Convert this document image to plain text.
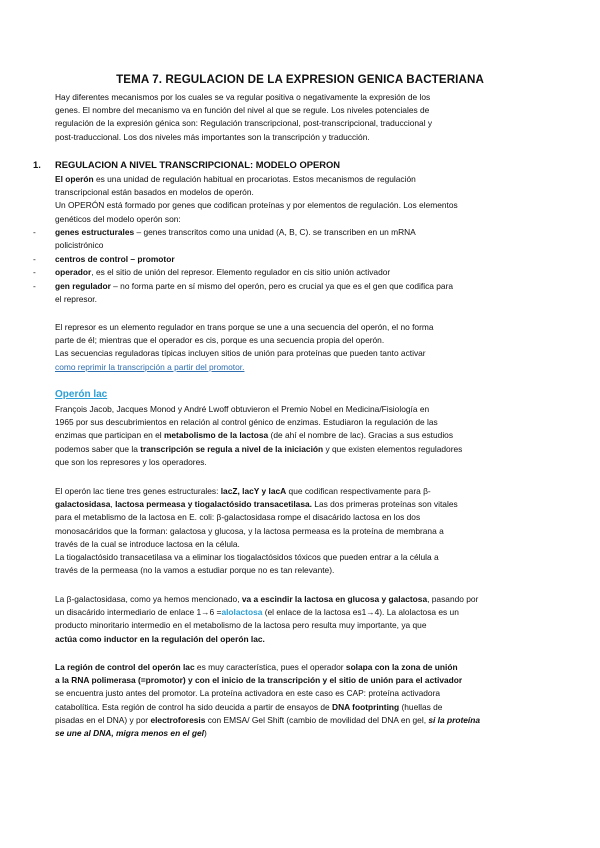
TEMA 7. REGULACION DE LA EXPRESION GENICA BACTERIANA

Hay diferentes mecanismos por los cuales se va regular positiva o negativamente la expresión de los

genes. El nombre del mecanismo va en función del nivel al que se regule. Los niveles potenciales de

regulación de la expresión génica son: Regulación transcripcional, post-transcripcional, traduccional y

post-traduccional. Los dos niveles más importantes son la transcripción y traducción.

1. REGULACION A NIVEL TRANSCRIPCIONAL: MODELO OPERON

El operón es una unidad de regulación habitual en procariotas. Estos mecanismos de regulación

transcripcional están basados en modelos de operón.

Un OPERÓN está formado por genes que codifican proteínas y por elementos de regulación. Los elementos

genéticos del modelo operón son:

- genes estructurales – genes transcritos como una unidad (A, B, C). se transcriben en un mRNA
policistrónico
- centros de control – promotor
- operador, es el sitio de unión del represor. Elemento regulador en cis sitio unión activador
- gen regulador – no forma parte en sí mismo del operón, pero es crucial ya que es el gen que codifica para
el represor.

El represor es un elemento regulador en trans porque se une a una secuencia del operón, el no forma

parte de él; mientras que el operador es cis, porque es una secuencia propia del operón.

Las secuencias reguladoras típicas incluyen sitios de unión para proteínas que pueden tanto activar

como reprimir la transcripción a partir del promotor.

Operón lac

François Jacob, Jacques Monod y André Lwoff obtuvieron el Premio Nobel en Medicina/Fisiología en

1965 por sus descubrimientos en relación al control génico de enzimas. Estudiaron la regulación de las

enzimas que participan en el metabolismo de la lactosa (de ahí el nombre de lac). Gracias a sus estudios

podemos saber que la transcripción se regula a nivel de la iniciación y que existen elementos reguladores

que son los represores y los operadores.

El operón lac tiene tres genes estructurales: lacZ, lacY y lacA que codifican respectivamente para β-

galactosidasa, lactosa permeasa y tiogalactósido transacetilasa. Las dos primeras proteínas son vitales

para el metablismo de la lactosa en E. coli: β-galactosidasa rompe el disacárido lactosa en los dos

monosacáridos que la forman: galactosa y glucosa, y la lactosa permeasa es la proteína de membrana a

través de la cual se introduce lactosa en la célula.

La tiogalactósido transacetilasa va a eliminar los tiogalactósidos tóxicos que pueden entrar a la célula a

través de la permeasa (no la vamos a estudiar porque no es tan relevante).

La β-galactosidasa, como ya hemos mencionado, va a escindir la lactosa en glucosa y galactosa, pasando por

un disacárido intermediario de enlace 1→6 =alolactosa (el enlace de la lactosa es1→4). La alolactosa es un

producto minoritario intermedio en el metabolismo de la lactosa pero resulta muy importante, ya que

actúa como inductor en la regulación del operón lac.

La región de control del operón lac es muy característica, pues el operador solapa con la zona de unión

a la RNA polimerasa (=promotor) y con el inicio de la transcripción y el sitio de unión para el activador

se encuentra justo antes del promotor. La proteína activadora en este caso es CAP: proteína activadora

catabolítica. Esta región de control ha sido deucida a partir de ensayos de DNA footprinting (huellas de

pisadas en el DNA) y por electroforesis con EMSA/ Gel Shift (cambio de movilidad del DNA en gel, si la proteína

se une al DNA, migra menos en el gel)
